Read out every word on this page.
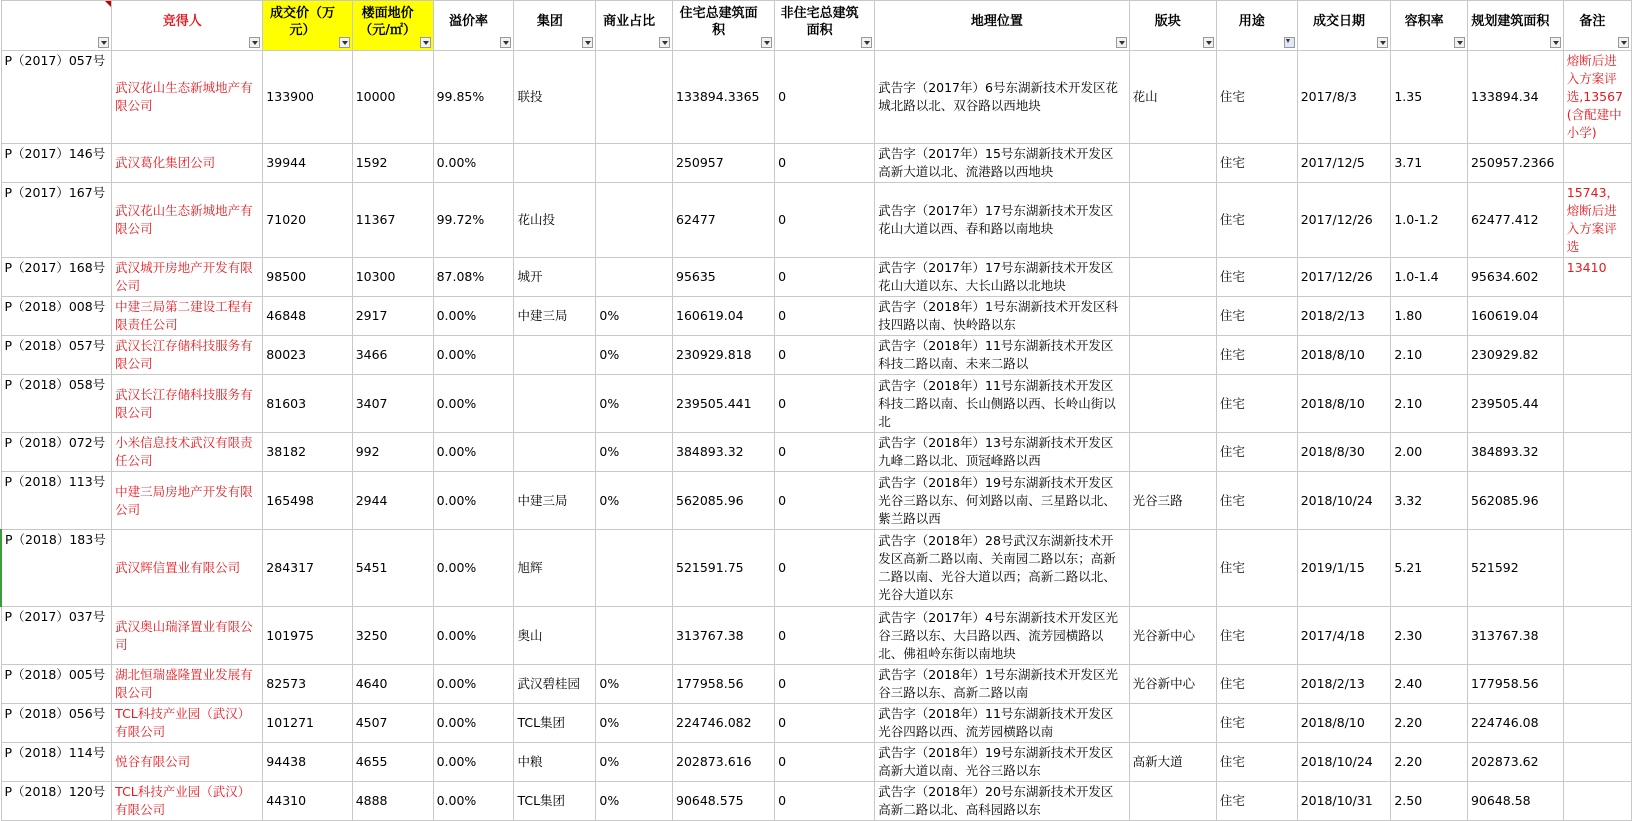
	竞得人	成交价（万元）	楼面地价（元/㎡）	溢价率	集团	商业占比	住宅总建筑面积	非住宅总建筑面积	地理位置	版块	用途	成交日期	容积率	规划建筑面积	备注

P（2017）057号	武汉花山生态新城地产有限公司	133900	10000	99.85%	联投		133894.3365	0	武告字（2017年）6号东湖新技术开发区花城北路以北、双谷路以西地块	花山	住宅	2017/8/3	1.35	133894.34	熔断后进入方案评选,13567(含配建中小学)
P（2017）146号	武汉葛化集团公司	39944	1592	0.00%			250957	0	武告字（2017年）15号东湖新技术开发区高新大道以北、流港路以西地块		住宅	2017/12/5	3.71	250957.2366	
P（2017）167号	武汉花山生态新城地产有限公司	71020	11367	99.72%	花山投		62477	0	武告字（2017年）17号东湖新技术开发区花山大道以西、春和路以南地块		住宅	2017/12/26	1.0-1.2	62477.412	15743，熔断后进入方案评选
P（2017）168号	武汉城开房地产开发有限公司	98500	10300	87.08%	城开		95635	0	武告字（2017年）17号东湖新技术开发区花山大道以东、大长山路以北地块		住宅	2017/12/26	1.0-1.4	95634.602	13410
P（2018）008号	中建三局第二建设工程有限责任公司	46848	2917	0.00%	中建三局	0%	160619.04	0	武告字（2018年）1号东湖新技术开发区科技四路以南、快岭路以东		住宅	2018/2/13	1.80	160619.04	
P（2018）057号	武汉长江存储科技服务有限公司	80023	3466	0.00%		0%	230929.818	0	武告字（2018年）11号东湖新技术开发区科技二路以南、未来二路以		住宅	2018/8/10	2.10	230929.82	
P（2018）058号	武汉长江存储科技服务有限公司	81603	3407	0.00%		0%	239505.441	0	武告字（2018年）11号东湖新技术开发区科技二路以南、长山侧路以西、长岭山街以北		住宅	2018/8/10	2.10	239505.44	
P（2018）072号	小米信息技术武汉有限责任公司	38182	992	0.00%		0%	384893.32	0	武告字（2018年）13号东湖新技术开发区九峰二路以北、顶冠峰路以西		住宅	2018/8/30	2.00	384893.32	
P（2018）113号	中建三局房地产开发有限公司	165498	2944	0.00%	中建三局	0%	562085.96	0	武告字（2018年）19号东湖新技术开发区光谷三路以东、何刘路以南、三星路以北、紫兰路以西	光谷三路	住宅	2018/10/24	3.32	562085.96	
P（2018）183号	武汉辉信置业有限公司	284317	5451	0.00%	旭辉		521591.75	0	武告字（2018年）28号武汉东湖新技术开发区高新二路以南、关南园二路以东；高新二路以南、光谷大道以西；高新二路以北、光谷大道以东		住宅	2019/1/15	5.21	521592	
P（2017）037号	武汉奥山瑞泽置业有限公司	101975	3250	0.00%	奥山		313767.38	0	武告字（2017年）4号东湖新技术开发区光谷三路以东、大吕路以西、流芳园横路以北、佛祖岭东街以南地块	光谷新中心	住宅	2017/4/18	2.30	313767.38	
P（2018）005号	湖北恒瑞盛隆置业发展有限公司	82573	4640	0.00%	武汉碧桂园	0%	177958.56	0	武告字（2018年）1号东湖新技术开发区光谷三路以东、高新二路以南	光谷新中心	住宅	2018/2/13	2.40	177958.56	
P（2018）056号	TCL科技产业园（武汉）有限公司	101271	4507	0.00%	TCL集团	0%	224746.082	0	武告字（2018年）11号东湖新技术开发区光谷四路以西、流芳园横路以南		住宅	2018/8/10	2.20	224746.08	
P（2018）114号	悦谷有限公司	94438	4655	0.00%	中粮	0%	202873.616	0	武告字（2018年）19号东湖新技术开发区高新大道以南、光谷三路以东	高新大道	住宅	2018/10/24	2.20	202873.62	
P（2018）120号	TCL科技产业园（武汉）有限公司	44310	4888	0.00%	TCL集团	0%	90648.575	0	武告字（2018年）20号东湖新技术开发区高新二路以北、高科园路以东		住宅	2018/10/31	2.50	90648.58	
